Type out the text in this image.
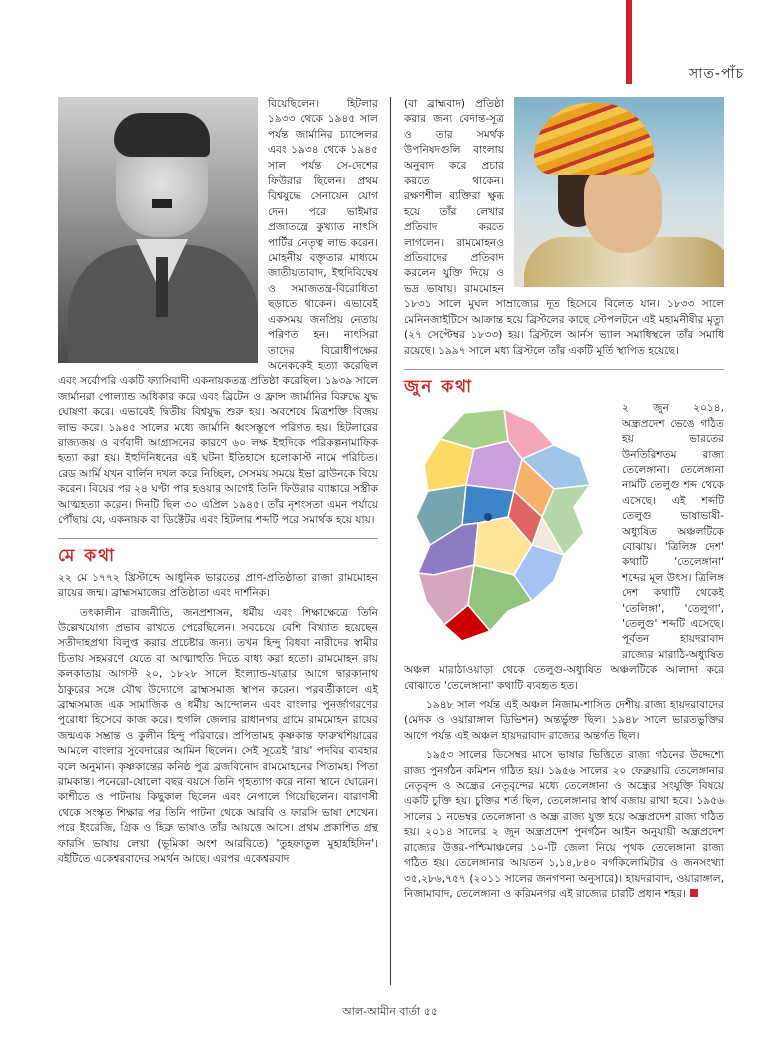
সাত-পাঁচ

বিয়েছিলেন। হিটলার ১৯৩৩ থেকে ১৯৪৫ সাল পর্যন্ত জার্মানির চ্যান্সেলর এবং ১৯৩৪ থেকে ১৯৪৫ সাল পর্যন্ত সে-দেশের ফিউরার ছিলেন। প্রথম বিশ্বযুদ্ধে সেনায়েন যোগ দেন। পরে ভাইমার প্রজাতন্ত্রে কুখ্যাত নাৎসি পার্টির নেতৃত্ব লাভ করেন। মোহনীয় বক্তৃতার মাধ্যমে জাতীয়তাবাদ, ইহুদিবিদ্বেষ ও সমাজতন্ত্র-বিরোধিতা ছড়াতে থাকেন। এভাবেই একসময় জনপ্রিয় নেতায় পরিণত হন। নাৎসিরা তাদের বিরোধীপক্ষের অনেককেই হত্যা করেছিল এবং সর্বোপরি একটি ফ্যাসিবাদী একনায়কতন্ত্র প্রতিষ্ঠা করেছিল। ১৯৩৯ সালে জার্মানরা পোল্যান্ড অধিকার করে এবং ব্রিটেন ও ফ্রান্স জার্মানির বিরুদ্ধে যুদ্ধ ঘোষণা করে। এভাবেই দ্বিতীয় বিশ্বযুদ্ধ শুরু হয়। অবশেষে মিত্রশক্তি বিজয় লাভ করে। ১৯৪৫ সালের মধ্যে জার্মানি ধ্বংসস্তূপে পরিণত হয়। হিটলারের রাজ্যজয় ও বর্ণবাদী আগ্রাসনের কারণে ৬০ লক্ষ ইহুদিকে পরিকল্পনামাফিক হত্যা করা হয়। ইহুদিনিধনের এই ঘটনা ইতিহাসে হলোকাস্ট নামে পরিচিত। রেড আর্মি যখন বার্লিন দখল করে নিচ্ছিল, সেসময় সময়ে ইভা ব্রাউনকে বিয়ে করেন। বিয়ের পর ২৪ ঘণ্টা পার হওয়ার আগেই তিনি ফিউরার ব্যাঙ্কারে সস্ত্রীক আত্মহত্যা করেন। দিনটি ছিল ৩০ এপ্রিল ১৯৪৫। তাঁর নৃশংসতা এমন পর্যায়ে পৌঁছায় যে, একনায়ক বা ডিক্টেটর এবং হিটলার শব্দটি পরে সমার্থক হয়ে যায়।

মে কথা

২২ মে ১৭৭২ খ্রিস্টাব্দে আধুনিক ভারতের প্রাণ-প্রতিষ্ঠাতা রাজা রামমোহন রায়ের জন্ম। ব্রাহ্মসমাজের প্রতিষ্ঠাতা এবং দার্শনিক।

তৎকালীন রাজনীতি, জনপ্রশাসন, ধর্মীয় এবং শিক্ষাক্ষেত্রে তিনি উল্লেখযোগ্য প্রভাব রাখতে পেরেছিলেন। সবচেয়ে বেশি বিখ্যাত হয়েছেন সতীদাহপ্রথা বিলুপ্ত করার প্রচেষ্টার জন্য। তখন হিন্দু বিধবা নারীদের স্বামীর চিতায় সহমরণে যেতে বা আত্মাহুতি দিতে বাধ্য করা হতো। রামমোহন রায় কলকাতায় আগস্ট ২০, ১৮২৮ সালে ইংল্যান্ড-যাত্রার আগে দ্বারকানাথ ঠাকুরের সঙ্গে যৌথ উদ্যোগে ব্রাহ্মসমাজ স্থাপন করেন। পরবর্তীকালে এই ব্রাহ্মসমাজ এক সামাজিক ও ধর্মীয় আন্দোলন এবং বাংলার পুনর্জাগরণের পুরোধা হিসেবে কাজ করে। হুগলি জেলার রাধানগর গ্রামে রামমোহন রায়ের জন্মএক সম্ভ্রান্ত ও কুলীন হিন্দু পরিবারে। প্রপিতামহ কৃষ্ণকান্ত ফারুখশিয়ারের আমলে বাংলার সুবেদারের আমিন ছিলেন। সেই সূত্রেই 'রায়' পদবির ব্যবহার বলে অনুমান। কৃষ্ণকান্তের কনিষ্ঠ পুত্র ব্রজবিনোদ রামমোহনের পিতামহ। পিতা রামকান্ত। পনেরো-ষোলো বছর বয়সে তিনি গৃহত্যাগ করে নানা স্থানে ঘোরেন। কাশীতে ও পাটনায় কিছুকাল ছিলেন এবং নেপালে গিয়েছিলেন। বারাণসী থেকে সংস্কৃত শিক্ষার পর তিনি পাটনা থেকে আরবি ও ফারসি ভাষা শেখেন। পরে ইংরেজি, গ্রিক ও হিব্রু ভাষাও তাঁর আয়ত্তে আসে। প্রথম প্রকাশিত গ্রন্থ ফারসি ভাষায় লেখা (ভূমিকা অংশ আরবিতে) 'তুহফাতুল মুহাহহিদিন'। বইটিতে একেশ্বরবাদের সমর্থন আছে। এরপর একেশ্বরবাদ

(বা ব্রাহ্মবাদ) প্রতিষ্ঠা করার জন্য বেদান্ত-সূত্র ও তার সমর্থক উপনিষদগুলি বাংলায় অনুবাদ করে প্রচার করতে থাকেন। রক্ষণশীল ব্যক্তিরা ক্ষুব্ধ হয়ে তাঁর লেখার প্রতিবাদ করতে লাগলেন। রামমোহনও প্রতিবাদের প্রতিবাদ করলেন যুক্তি দিয়ে ও ভদ্র ভাষায়। রামমোহন ১৮৩১ সালে মুঘল সাম্রাজ্যের দূত হিসেবে বিলেত যান। ১৮৩৩ সালে মেনিনজাইটিসে আক্রান্ত হয়ে ব্রিস্টলের কাছে স্টেপলটনে এই মহামনীষীর মৃত্যু (২৭ সেপ্টেম্বর ১৮৩৩) হয়। ব্রিস্টলে আর্নস ভ্যাল সমাধিস্থলে তাঁর সমাধি রয়েছে। ১৯৯৭ সালে মধ্য ব্রিস্টলে তাঁর একটি মূর্তি স্থাপিত হয়েছে।

জুন কথা

২ জুন ২০১৪, অন্ধ্রপ্রদেশ ভেঙে গঠিত হয় ভারতের উনতিরিশতম রাজ্য তেলেঙ্গানা। তেলেঙ্গানা নামটি তেলুগু শব্দ থেকে এসেছে। এই শব্দটি তেলুগু ভাষাভাষী-অধ্যুষিত অঞ্চলটিকে বোঝায়। 'ত্রিলিঙ্গ দেশ' কথাটি 'তেলেঙ্গানা' শব্দের মূল উৎস। ত্রিলিঙ্গ দেশ কথাটি থেকেই 'তেলিঙ্গা', 'তেলুগা', 'তেলুগু' শব্দটি এসেছে। পূর্বতন হায়দরাবাদ রাজ্যের মারাঠি-অধ্যুষিত অঞ্চল মারাঠাওয়াড়া থেকে তেলুগু-অধ্যুষিত অঞ্চলটিকে আলাদা করে বোঝাতে 'তেলেঙ্গানা' কথাটি ব্যবহৃত হত।

১৯৪৮ সাল পর্যন্ত এই অঞ্চল নিজাম-শাসিত দেশীয় রাজ্য হায়দরাবাদের (মেদক ও ওয়ারাঙ্গাল ডিভিশন) অন্তর্ভুক্ত ছিল। ১৯৪৮ সালে ভারতভুক্তির আগে পর্যন্ত এই অঞ্চল হায়দরাবাদ রাজ্যের অন্তর্গত ছিল।

১৯৫৩ সালের ডিসেম্বর মাসে ভাষার ভিত্তিতে রাজ্য গঠনের উদ্দেশ্যে রাজ্য পুনর্গঠন কমিশন গঠিত হয়। ১৯৫৬ সালের ২০ ফেব্রুয়ারি তেলেঙ্গানার নেতৃবৃন্দ ও অন্ধ্রের নেতৃবৃন্দের মধ্যে তেলেঙ্গানা ও অন্ধ্রের সংযুক্তি বিষয়ে একটি চুক্তি হয়। চুক্তির শর্ত ছিল, তেলেঙ্গানার স্বার্থ বজায় রাখা হবে। ১৯৫৬ সালের ১ নভেম্বর তেলেঙ্গানা ও অন্ধ্র রাজ্য যুক্ত হয়ে অন্ধ্রপ্রদেশ রাজ্য গঠিত হয়। ২০১৪ সালের ২ জুন অন্ধ্রপ্রদেশ পুনর্গঠন আইন অনুযায়ী অন্ধ্রপ্রদেশ রাজ্যের উত্তর-পশ্চিমাঞ্চলের ১০-টি জেলা নিয়ে পৃথক তেলেঙ্গানা রাজ্য গঠিত হয়। তেলেঙ্গানার আয়তন ১,১৪,৮৪০ বর্গকিলোমিটার ও জনসংখ্যা ৩৫,২৮৬,৭৫৭ (২০১১ সালের জনগণনা অনুসারে)। হায়দরাবাদ, ওয়ারাঙ্গাল, নিজামাবাদ, তেলেঙ্গানা ও করিমনগর এই রাজ্যের চারটি প্রধান শহর।

আল-আমীন বার্তা ৫৫
